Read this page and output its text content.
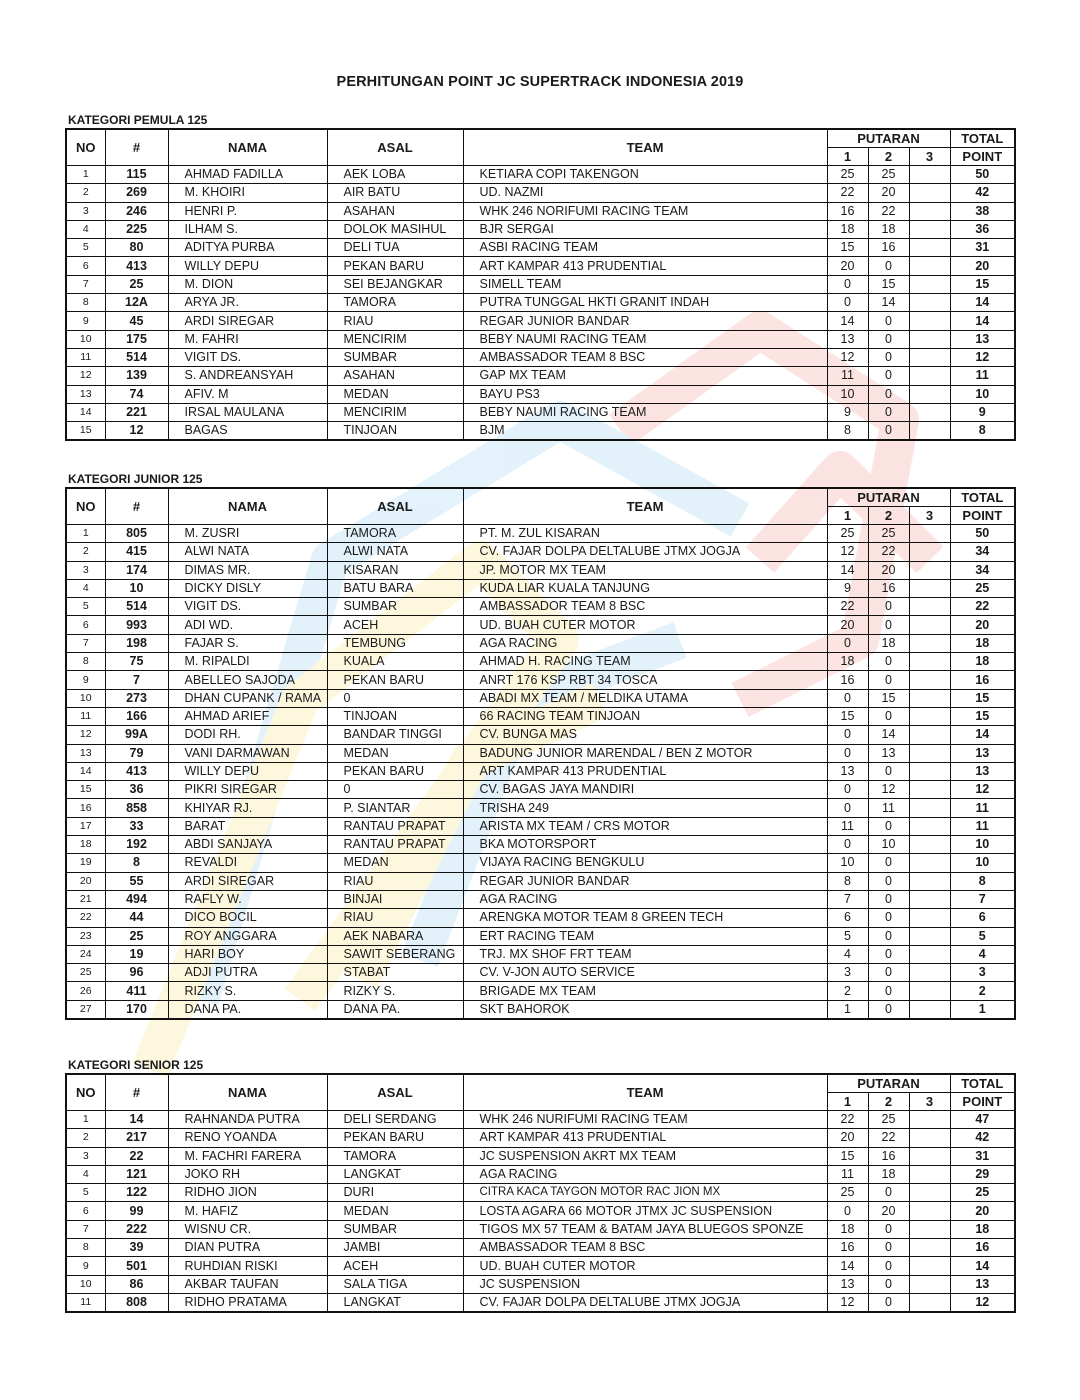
PERHITUNGAN POINT JC SUPERTRACK INDONESIA 2019
KATEGORI PEMULA 125
NO	#	NAMA	ASAL	TEAM	PUTARAN			TOTAL
					1	2	3	POINT
1	115	AHMAD FADILLA	AEK LOBA	KETIARA COPI TAKENGON	25	25		50
2	269	M. KHOIRI	AIR BATU	UD. NAZMI	22	20		42
3	246	HENRI P.	ASAHAN	WHK 246 NORIFUMI RACING TEAM	16	22		38
4	225	ILHAM S.	DOLOK MASIHUL	BJR SERGAI	18	18		36
5	80	ADITYA PURBA	DELI TUA	ASBI RACING TEAM	15	16		31
6	413	WILLY DEPU	PEKAN BARU	ART KAMPAR 413 PRUDENTIAL	20	0		20
7	25	M. DION	SEI BEJANGKAR	SIMELL TEAM	0	15		15
8	12A	ARYA JR.	TAMORA	PUTRA TUNGGAL HKTI GRANIT INDAH	0	14		14
9	45	ARDI SIREGAR	RIAU	REGAR JUNIOR BANDAR	14	0		14
10	175	M. FAHRI	MENCIRIM	BEBY NAUMI RACING TEAM	13	0		13
11	514	VIGIT DS.	SUMBAR	AMBASSADOR TEAM 8 BSC	12	0		12
12	139	S. ANDREANSYAH	ASAHAN	GAP MX TEAM	11	0		11
13	74	AFIV. M	MEDAN	BAYU PS3	10	0		10
14	221	IRSAL MAULANA	MENCIRIM	BEBY NAUMI RACING TEAM	9	0		9
15	12	BAGAS	TINJOAN	BJM	8	0		8
KATEGORI JUNIOR 125
NO	#	NAMA	ASAL	TEAM	PUTARAN			TOTAL
					1	2	3	POINT
1	805	M. ZUSRI	TAMORA	PT. M. ZUL KISARAN	25	25		50
2	415	ALWI NATA	ALWI NATA	CV. FAJAR DOLPA DELTALUBE JTMX JOGJA	12	22		34
3	174	DIMAS MR.	KISARAN	JP. MOTOR MX TEAM	14	20		34
4	10	DICKY DISLY	BATU BARA	KUDA LIAR KUALA TANJUNG	9	16		25
5	514	VIGIT DS.	SUMBAR	AMBASSADOR TEAM 8 BSC	22	0		22
6	993	ADI WD.	ACEH	UD. BUAH CUTER MOTOR	20	0		20
7	198	FAJAR S.	TEMBUNG	AGA RACING	0	18		18
8	75	M. RIPALDI	KUALA	AHMAD H. RACING TEAM	18	0		18
9	7	ABELLEO SAJODA	PEKAN BARU	ANRT 176 KSP RBT 34 TOSCA	16	0		16
10	273	DHAN CUPANK / RAMA	0	ABADI MX TEAM / MELDIKA UTAMA	0	15		15
11	166	AHMAD ARIEF	TINJOAN	66 RACING TEAM TINJOAN	15	0		15
12	99A	DODI RH.	BANDAR TINGGI	CV. BUNGA MAS	0	14		14
13	79	VANI DARMAWAN	MEDAN	BADUNG JUNIOR MARENDAL / BEN Z MOTOR	0	13		13
14	413	WILLY DEPU	PEKAN BARU	ART KAMPAR 413 PRUDENTIAL	13	0		13
15	36	PIKRI SIREGAR	0	CV. BAGAS JAYA MANDIRI	0	12		12
16	858	KHIYAR RJ.	P. SIANTAR	TRISHA 249	0	11		11
17	33	BARAT	RANTAU PRAPAT	ARISTA MX TEAM / CRS MOTOR	11	0		11
18	192	ABDI SANJAYA	RANTAU PRAPAT	BKA MOTORSPORT	0	10		10
19	8	REVALDI	MEDAN	VIJAYA RACING BENGKULU	10	0		10
20	55	ARDI SIREGAR	RIAU	REGAR JUNIOR BANDAR	8	0		8
21	494	RAFLY W.	BINJAI	AGA RACING	7	0		7
22	44	DICO BOCIL	RIAU	ARENGKA MOTOR TEAM 8 GREEN TECH	6	0		6
23	25	ROY ANGGARA	AEK NABARA	ERT RACING TEAM	5	0		5
24	19	HARI BOY	SAWIT SEBERANG	TRJ. MX SHOF FRT TEAM	4	0		4
25	96	ADJI PUTRA	STABAT	CV. V-JON AUTO SERVICE	3	0		3
26	411	RIZKY S.	RIZKY S.	BRIGADE MX TEAM	2	0		2
27	170	DANA PA.	DANA PA.	SKT BAHOROK	1	0		1
KATEGORI SENIOR 125
NO	#	NAMA	ASAL	TEAM	PUTARAN			TOTAL
					1	2	3	POINT
1	14	RAHNANDA PUTRA	DELI SERDANG	WHK 246 NURIFUMI RACING TEAM	22	25		47
2	217	RENO YOANDA	PEKAN BARU	ART KAMPAR 413 PRUDENTIAL	20	22		42
3	22	M. FACHRI FARERA	TAMORA	JC SUSPENSION AKRT MX TEAM	15	16		31
4	121	JOKO RH	LANGKAT	AGA RACING	11	18		29
5	122	RIDHO JION	DURI	CITRA KACA TAYGON MOTOR RAC JION MX	25	0		25
6	99	M. HAFIZ	MEDAN	LOSTA AGARA 66 MOTOR JTMX JC SUSPENSION	0	20		20
7	222	WISNU CR.	SUMBAR	TIGOS MX 57 TEAM & BATAM JAYA BLUEGOS SPONZE	18	0		18
8	39	DIAN PUTRA	JAMBI	AMBASSADOR TEAM 8 BSC	16	0		16
9	501	RUHDIAN RISKI	ACEH	UD. BUAH CUTER MOTOR	14	0		14
10	86	AKBAR TAUFAN	SALA TIGA	JC SUSPENSION	13	0		13
11	808	RIDHO PRATAMA	LANGKAT	CV. FAJAR DOLPA DELTALUBE JTMX JOGJA	12	0		12
